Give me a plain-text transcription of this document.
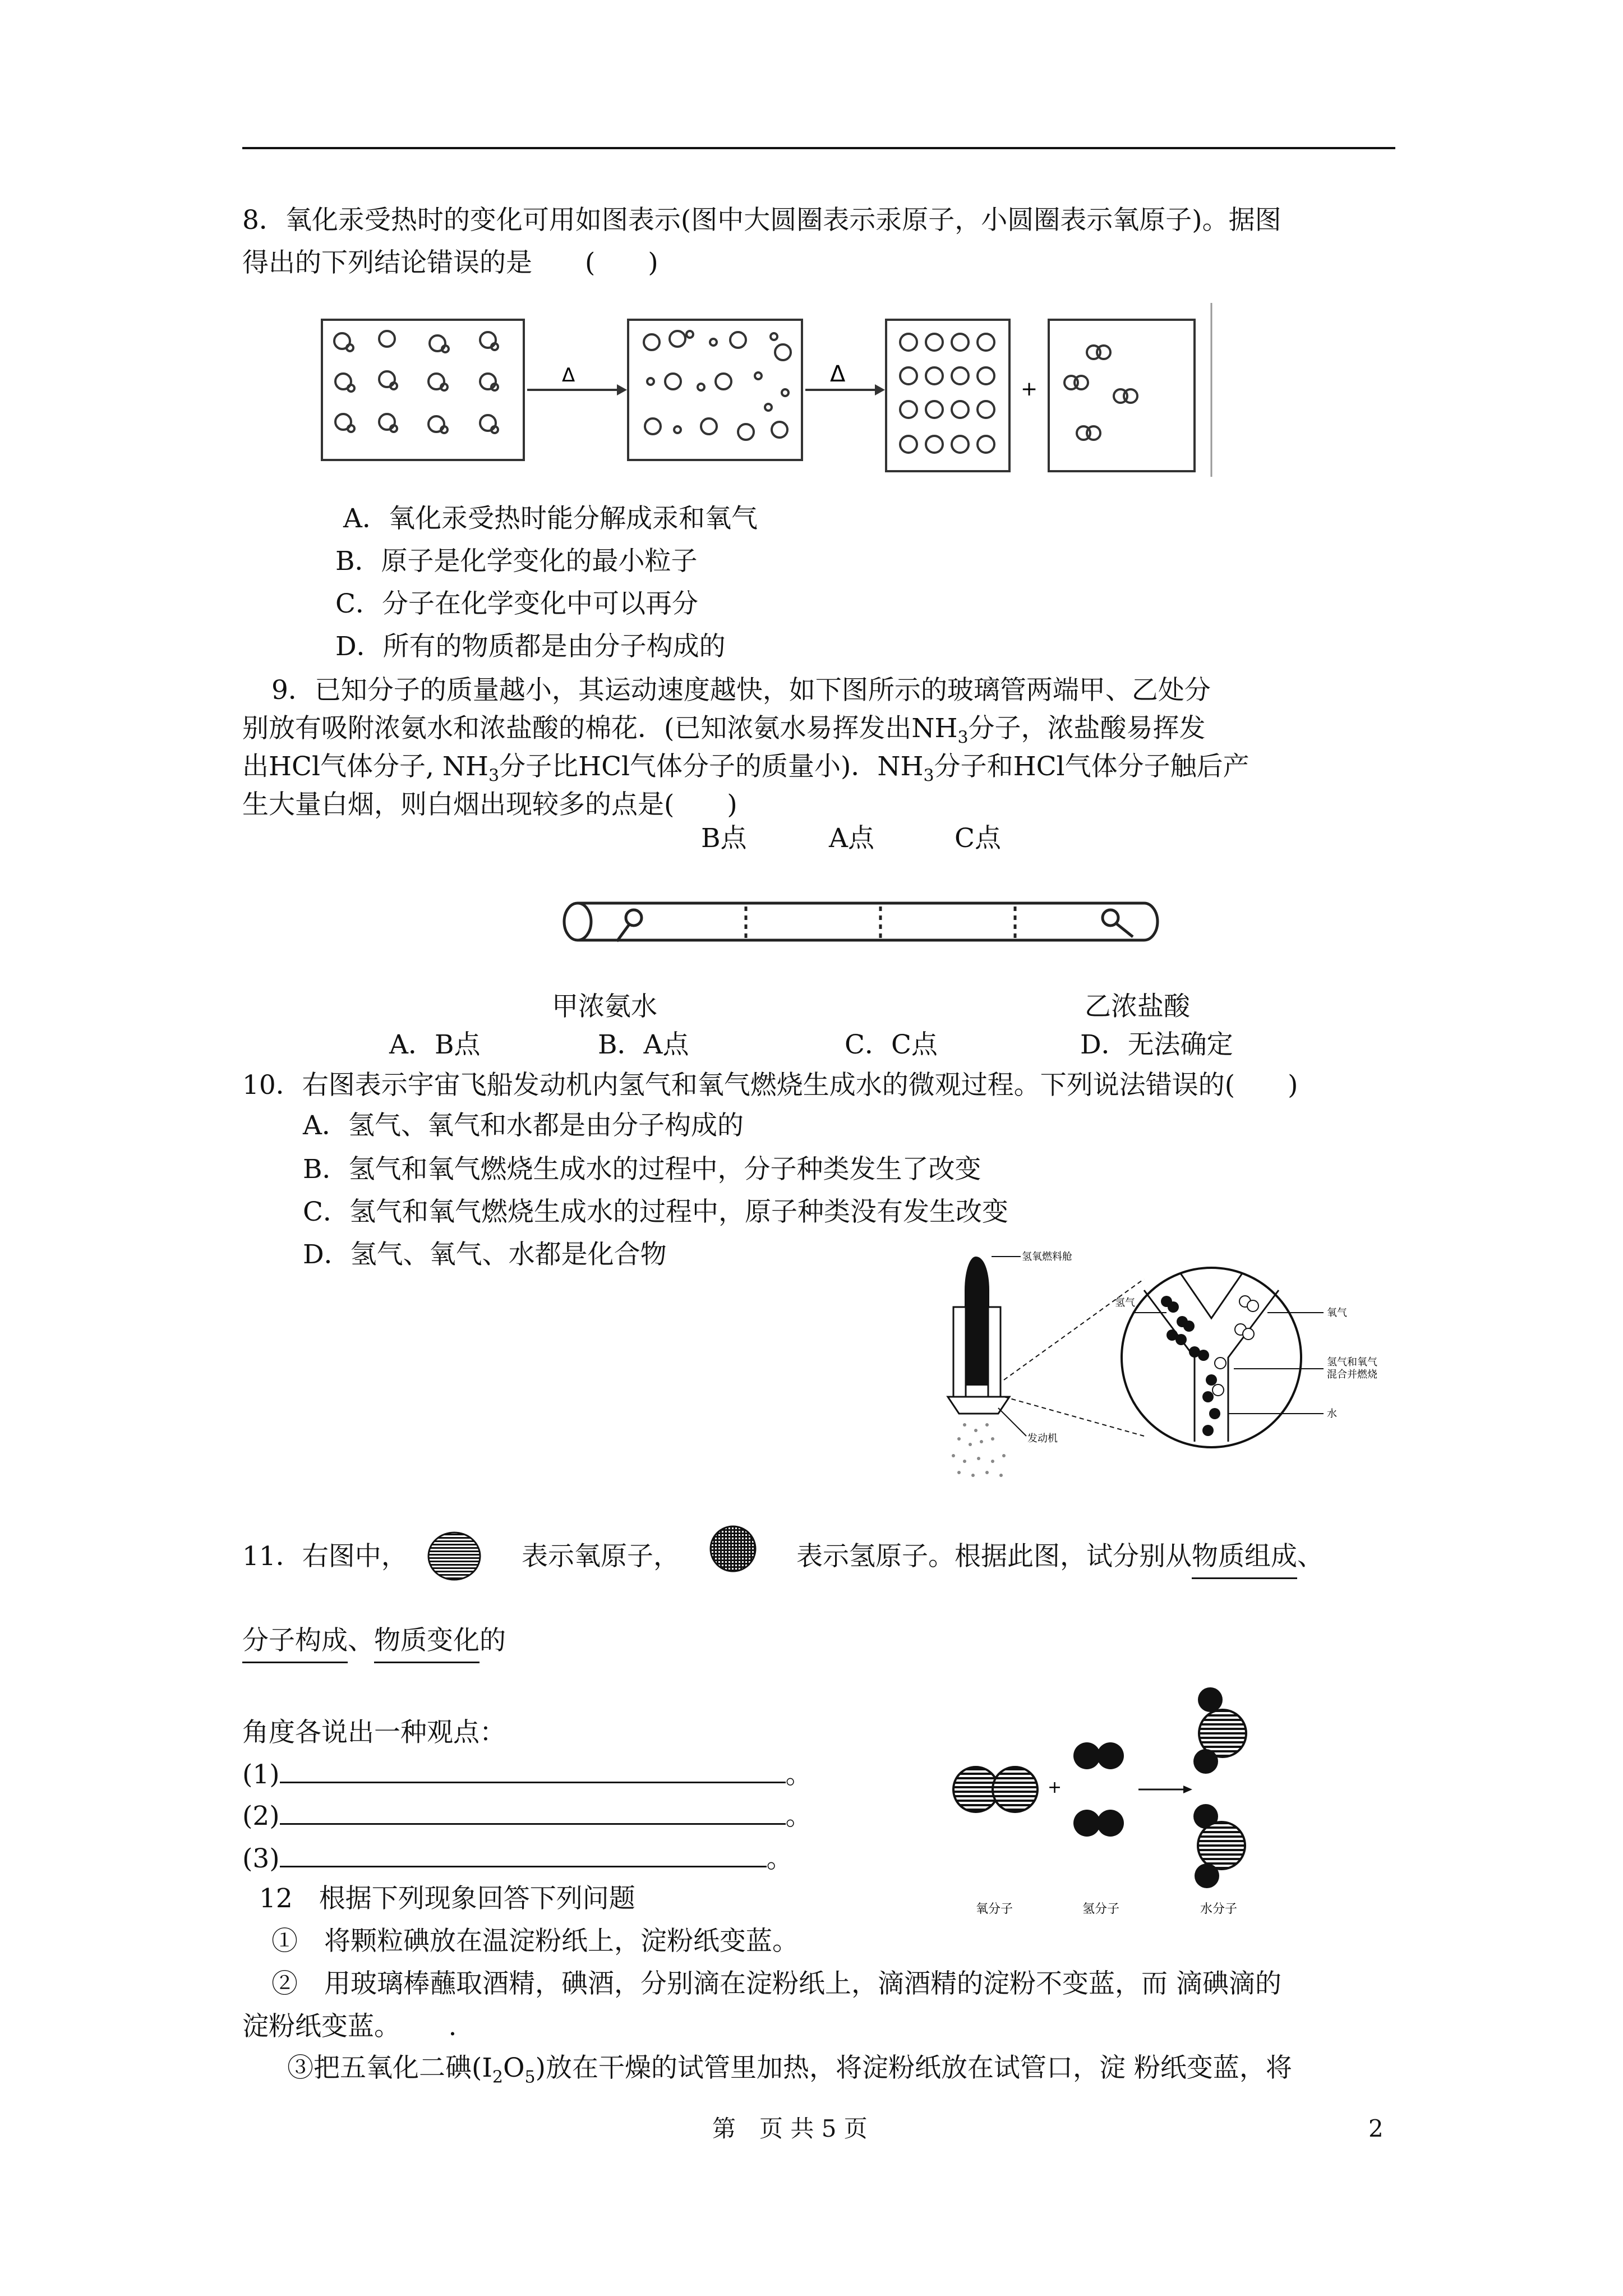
8．氧化汞受热时的变化可用如图表示(图中大圆圈表示汞原子，小圆圈表示氧原子)。据图
得出的下列结论错误的是　　(　　)
Δ	Δ
+
A．氧化汞受热时能分解成汞和氧气
B．原子是化学变化的最小粒子
C．分子在化学变化中可以再分
D．所有的物质都是由分子构成的
9．已知分子的质量越小，其运动速度越快，如下图所示的玻璃管两端甲、乙处分
别放有吸附浓氨水和浓盐酸的棉花．(已知浓氨水易挥发出$NH_3$分子，浓盐酸易挥发
出HCl气体分子, $NH_3$分子比HCl气体分子的质量小)．$NH_3$分子和HCl气体分子触后产
生大量白烟，则白烟出现较多的点是(　　)
B点	A点	C点
甲浓氨水	乙浓盐酸
A．B点	B．A点	C．C点	D．无法确定
10．右图表示宇宙飞船发动机内氢气和氧气燃烧生成水的微观过程。下列说法错误的(　　)
A．氢气、氧气和水都是由分子构成的
B．氢气和氧气燃烧生成水的过程中，分子种类发生了改变
C．氢气和氧气燃烧生成水的过程中，原子种类没有发生改变
D．氢气、氧气、水都是化合物	氢氧燃料舱
发动机
氢气
氧气
氢气和氧气
混合并燃烧
水
11．右图中，	表示氧原子，	表示氢原子。根据此图，试分别从物质组成、
分子构成、物质变化的
角度各说出一种观点：
(1)	。
(2)	。
(3)	。
+
氧分子	氢分子	水分子
12　根据下列现象回答下列问题
①　将颗粒碘放在温淀粉纸上，淀粉纸变蓝。
②　用玻璃棒蘸取酒精，碘酒，分别滴在淀粉纸上，滴酒精的淀粉不变蓝，而 滴碘滴的
淀粉纸变蓝。　　 .
③把五氧化二碘$(I_2O_5)$放在干燥的试管里加热，将淀粉纸放在试管口，淀 粉纸变蓝，将
第　页 共 5 页	2
